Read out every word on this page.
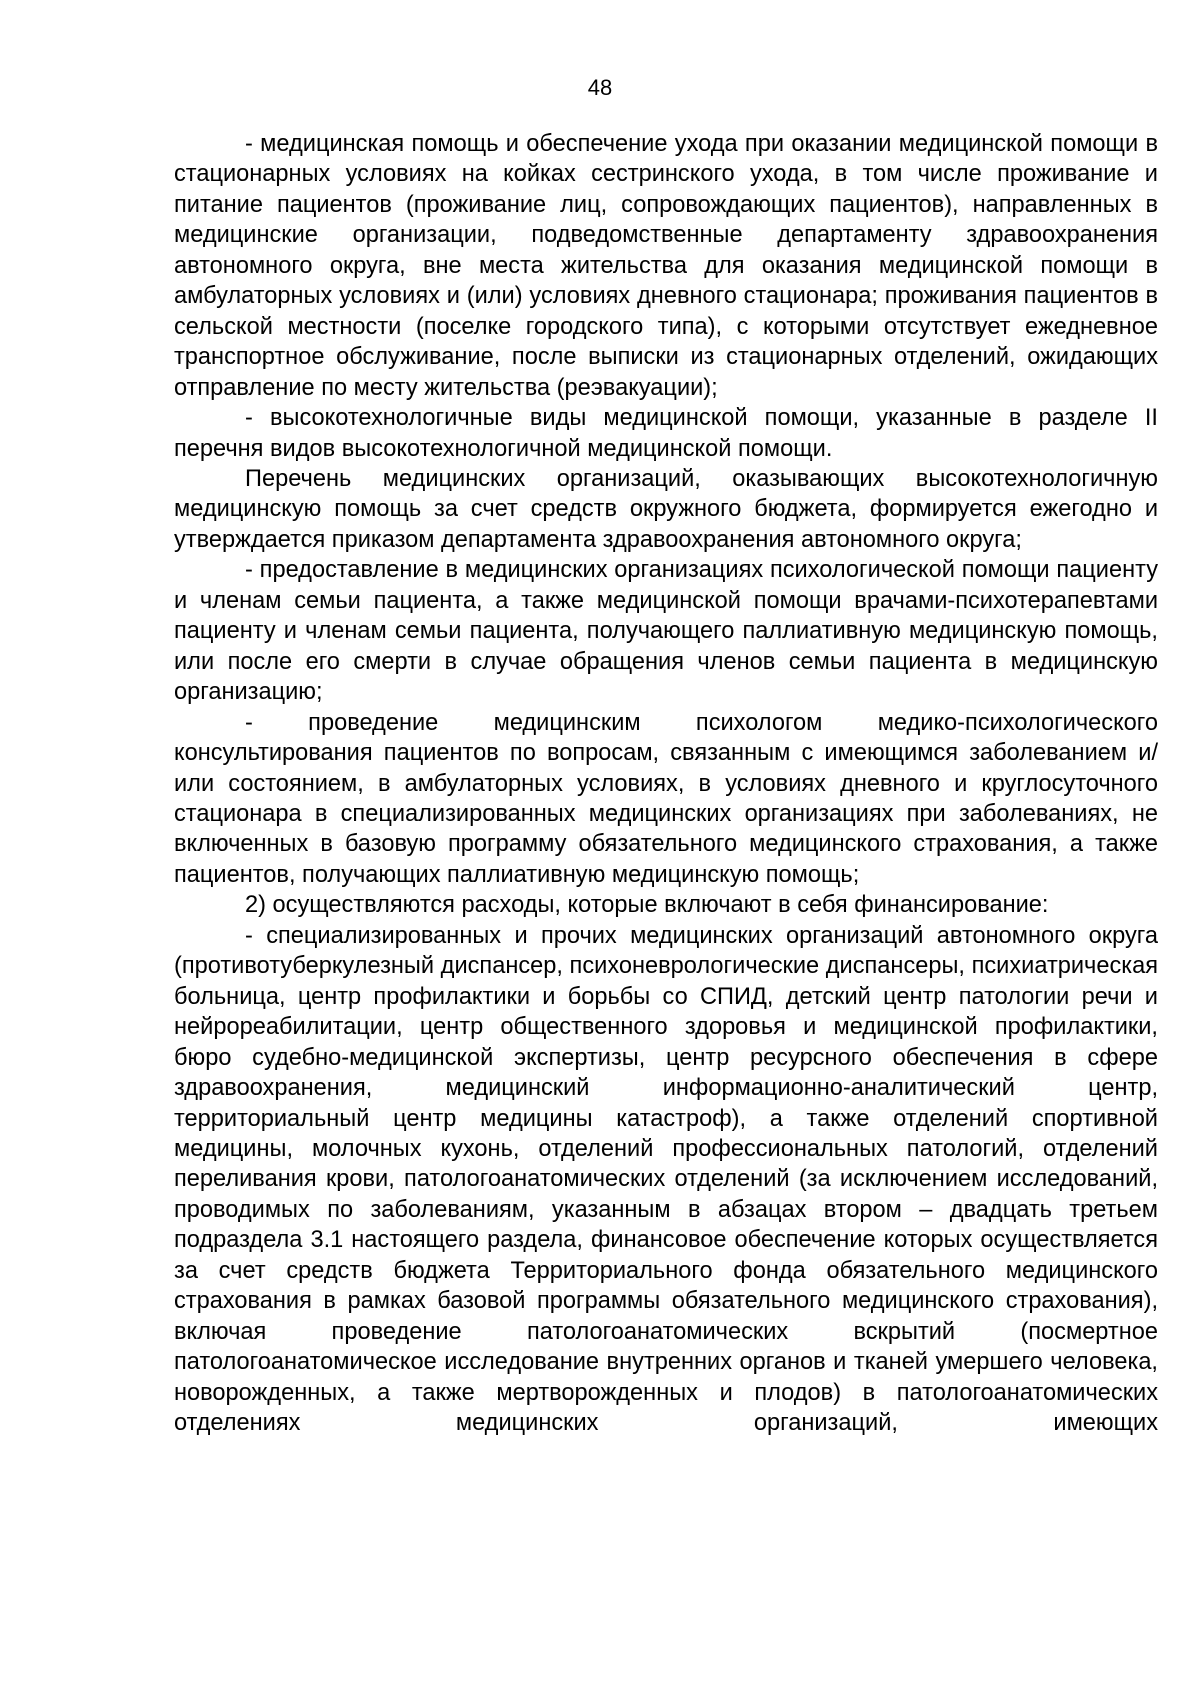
48

- медицинская помощь и обеспечение ухода при оказании медицинской помощи в стационарных условиях на койках сестринского ухода, в том числе проживание и питание пациентов (проживание лиц, сопровождающих пациентов), направленных в медицинские организации, подведомственные департаменту здравоохранения автономного округа, вне места жительства для оказания медицинской помощи в амбулаторных условиях и (или) условиях дневного стационара; проживания пациентов в сельской местности (поселке городского типа), с которыми отсутствует ежедневное транспортное обслуживание, после выписки из стационарных отделений, ожидающих отправление по месту жительства (реэвакуации);

- высокотехнологичные виды медицинской помощи, указанные в разделе II перечня видов высокотехнологичной медицинской помощи.

Перечень медицинских организаций, оказывающих высокотехнологичную медицинскую помощь за счет средств окружного бюджета, формируется ежегодно и утверждается приказом департамента здравоохранения автономного округа;

- предоставление в медицинских организациях психологической помощи пациенту и членам семьи пациента, а также медицинской помощи врачами-психотерапевтами пациенту и членам семьи пациента, получающего паллиативную медицинскую помощь, или после его смерти в случае обращения членов семьи пациента в медицинскую организацию;

- проведение медицинским психологом медико-психологического консультирования пациентов по вопросам, связанным с имеющимся заболеванием и/или состоянием, в амбулаторных условиях, в условиях дневного и круглосуточного стационара в специализированных медицинских организациях при заболеваниях, не включенных в базовую программу обязательного медицинского страхования, а также пациентов, получающих паллиативную медицинскую помощь;

2) осуществляются расходы, которые включают в себя финансирование:

- специализированных и прочих медицинских организаций автономного округа (противотуберкулезный диспансер, психоневрологические диспансеры, психиатрическая больница, центр профилактики и борьбы со СПИД, детский центр патологии речи и нейрореабилитации, центр общественного здоровья и медицинской профилактики, бюро судебно-медицинской экспертизы, центр ресурсного обеспечения в сфере здравоохранения, медицинский информационно-аналитический центр, территориальный центр медицины катастроф), а также отделений спортивной медицины, молочных кухонь, отделений профессиональных патологий, отделений переливания крови, патологоанатомических отделений (за исключением исследований, проводимых по заболеваниям, указанным в абзацах втором – двадцать третьем подраздела 3.1 настоящего раздела, финансовое обеспечение которых осуществляется за счет средств бюджета Территориального фонда обязательного медицинского страхования в рамках базовой программы обязательного медицинского страхования), включая проведение патологоанатомических вскрытий (посмертное патологоанатомическое исследование внутренних органов и тканей умершего человека, новорожденных, а также мертворожденных и плодов) в патологоанатомических отделениях медицинских организаций, имеющих
